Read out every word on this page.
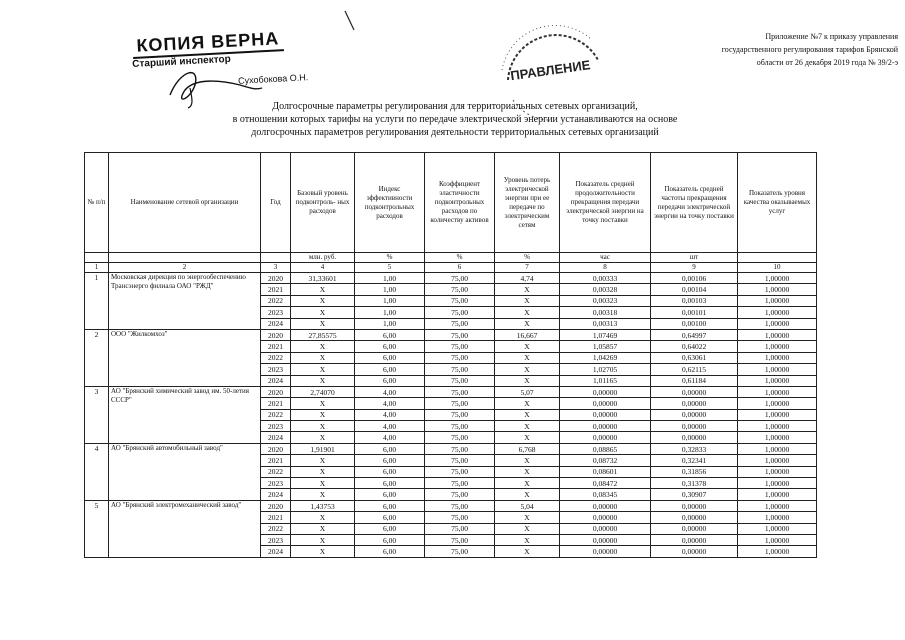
КОПИЯ ВЕРНА
Старший инспектор
Сухобокова О.Н.	ПРАВЛЕНИЕ
Приложение №7 к приказу управления
государственного регулирования тарифов Брянской
области от 26 декабря 2019 года № 39/2-э
Долгосрочные параметры регулирования для территориальных сетевых организаций,
в отношении которых тарифы на услуги по передаче электрической энергии устанавливаются на основе
долгосрочных параметров регулирования деятельности территориальных сетевых организаций
№ п/п	Наименование сетевой организации	Год	Базовый уровень подконтроль- ных расходов	Индекс эффективности подконтрольных расходов	Коэффициент эластичности подконтрольных расходов по количеству активов	Уровень потерь электрической энергии при ее передаче по электрическим сетям	Показатель средней продолжительности прекращения передачи электрической энергии на точку поставки	Показатель средней частоты прекращения передачи электрической энергии на точку поставки	Показатель уровня качества оказываемых услуг
			млн. руб.	%	%	%	час	шт	
1	2	3	4	5	6	7	8	9	10
1	Московская дирекция по энергообеспечению Трансэнерго филиала ОАО "РЖД"	2020	31,33601	1,00	75,00	4,74	0,00333	0,00106	1,00000
		2021	Х	1,00	75,00	Х	0,00328	0,00104	1,00000
		2022	Х	1,00	75,00	Х	0,00323	0,00103	1,00000
		2023	Х	1,00	75,00	Х	0,00318	0,00101	1,00000
		2024	Х	1,00	75,00	Х	0,00313	0,00100	1,00000
2	ООО "Жилкомхоз"	2020	27,85575	6,00	75,00	16,667	1,07469	0,64997	1,00000
		2021	Х	6,00	75,00	Х	1,05857	0,64022	1,00000
		2022	Х	6,00	75,00	Х	1,04269	0,63061	1,00000
		2023	Х	6,00	75,00	Х	1,02705	0,62115	1,00000
		2024	Х	6,00	75,00	Х	1,01165	0,61184	1,00000
3	АО "Брянский химический завод им. 50-летия СССР"	2020	2,74070	4,00	75,00	5,07	0,00000	0,00000	1,00000
		2021	Х	4,00	75,00	Х	0,00000	0,00000	1,00000
		2022	Х	4,00	75,00	Х	0,00000	0,00000	1,00000
		2023	Х	4,00	75,00	Х	0,00000	0,00000	1,00000
		2024	Х	4,00	75,00	Х	0,00000	0,00000	1,00000
4	АО "Брянский автомобильный завод"	2020	1,91901	6,00	75,00	6,768	0,08865	0,32833	1,00000
		2021	Х	6,00	75,00	Х	0,08732	0,32341	1,00000
		2022	Х	6,00	75,00	Х	0,08601	0,31856	1,00000
		2023	Х	6,00	75,00	Х	0,08472	0,31378	1,00000
		2024	Х	6,00	75,00	Х	0,08345	0,30907	1,00000
5	АО "Брянский электромеханический завод"	2020	1,43753	6,00	75,00	5,04	0,00000	0,00000	1,00000
		2021	Х	6,00	75,00	Х	0,00000	0,00000	1,00000
		2022	Х	6,00	75,00	Х	0,00000	0,00000	1,00000
		2023	Х	6,00	75,00	Х	0,00000	0,00000	1,00000
		2024	Х	6,00	75,00	Х	0,00000	0,00000	1,00000
